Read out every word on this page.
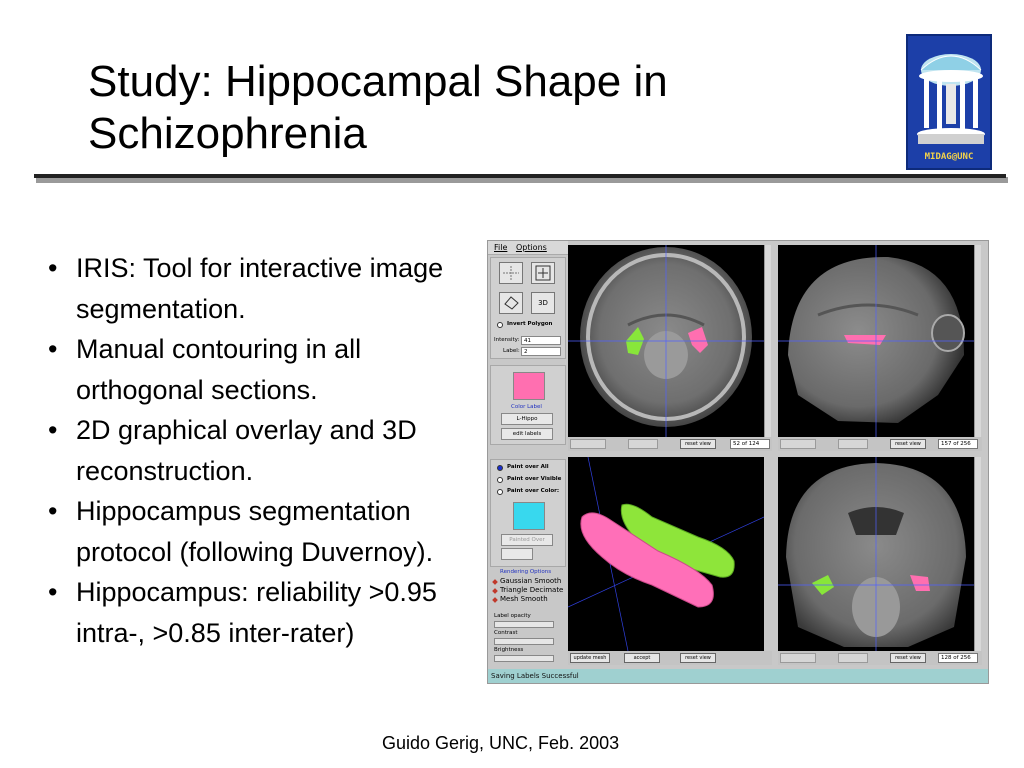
Study: Hippocampal Shape in Schizophrenia	MIDAG@UNC
• IRIS: Tool for interactive image segmentation.
• Manual contouring in all orthogonal sections.
• 2D graphical overlay and 3D reconstruction.
• Hippocampus segmentation protocol (following Duvernoy).
• Hippocampus: reliability >0.95 intra-, >0.85 inter-rater)
Guido Gerig, UNC, Feb. 2003
File Options
3D
Invert Polygon
Intensity: 41
Label: 2
Color Label
L-Hippo
edit labels
Paint over All
Paint over Visible
Paint over Color:
Painted Over
Rendering Options
Gaussian Smooth
Triangle Decimate
Mesh Smooth
Label opacity
Contrast
Brightness
reset view	52 of 124	reset view	157 of 256
update mesh	accept	reset view	reset view	128 of 256
Saving Labels Successful
